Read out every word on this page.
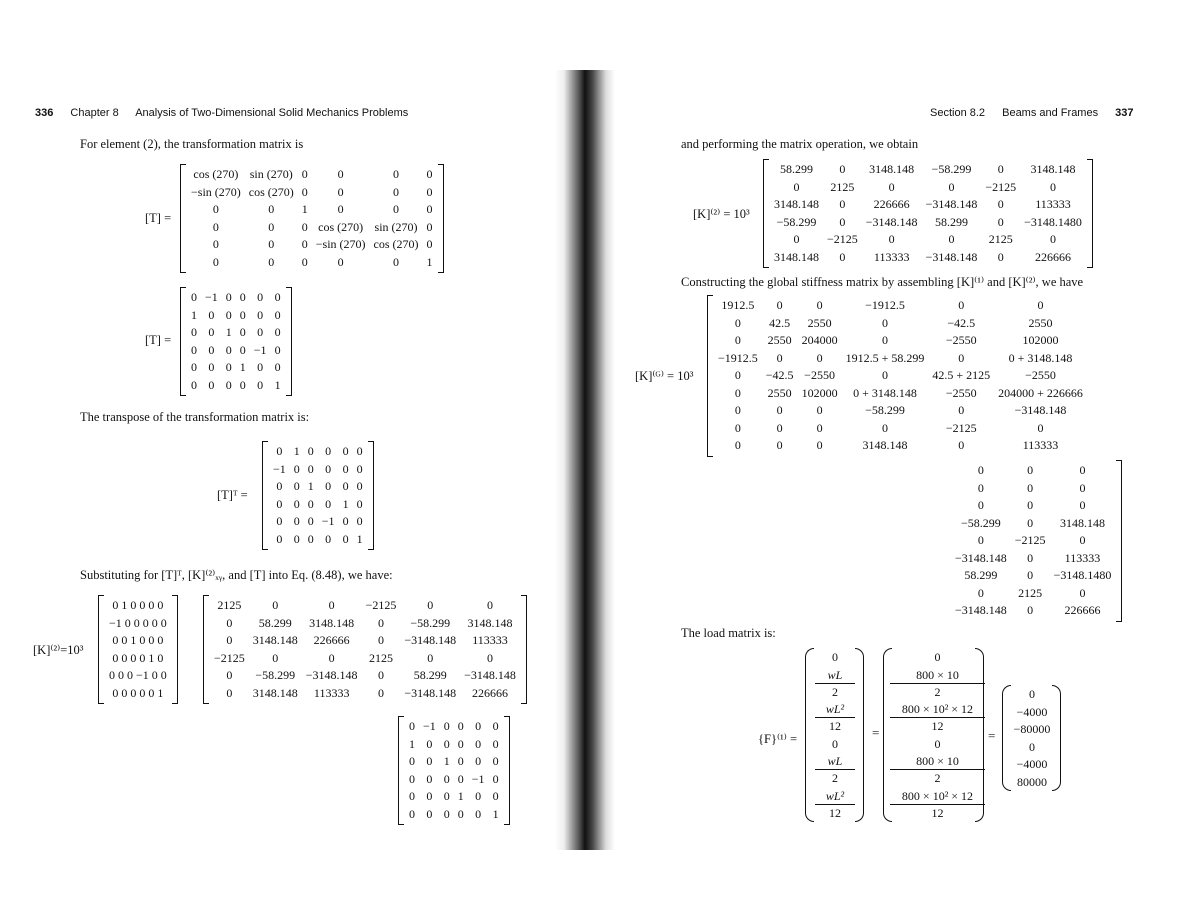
336 Chapter 8 Analysis of Two-Dimensional Solid Mechanics Problems
For element (2), the transformation matrix is
[T] =
cos (270)	sin (270)	0	0	0	0
−sin (270)	cos (270)	0	0	0	0
0	0	1	0	0	0
0	0	0	cos (270)	sin (270)	0
0	0	0	−sin (270)	cos (270)	0
0	0	0	0	0	1
[T] =
0	−1	0	0	0	0
1	0	0	0	0	0
0	0	1	0	0	0
0	0	0	0	−1	0
0	0	0	1	0	0
0	0	0	0	0	1
The transpose of the transformation matrix is:
[T]ᵀ =
0	1	0	0	0	0
−1	0	0	0	0	0
0	0	1	0	0	0
0	0	0	0	1	0
0	0	0	−1	0	0
0	0	0	0	0	1
Substituting for [T]ᵀ, [K]⁽²⁾ₓᵧ, and [T] into Eq. (8.48), we have:
[K]⁽²⁾=10³
0 1 0 0 0 0
−1 0 0 0 0 0
0 0 1 0 0 0
0 0 0 0 1 0
0 0 0 −1 0 0
0 0 0 0 0 1
2125	0	0	−2125	0	0
0	58.299	3148.148	0	−58.299	3148.148
0	3148.148	226666	0	−3148.148	113333
−2125	0	0	2125	0	0
0	−58.299	−3148.148	0	58.299	−3148.148
0	3148.148	113333	0	−3148.148	226666
0	−1	0	0	0	0
1	0	0	0	0	0
0	0	1	0	0	0
0	0	0	0	−1	0
0	0	0	1	0	0
0	0	0	0	0	1
Section 8.2 Beams and Frames 337
and performing the matrix operation, we obtain
[K]⁽²⁾ = 10³
58.299	0	3148.148	−58.299	0	3148.148
0	2125	0	0	−2125	0
3148.148	0	226666	−3148.148	0	113333
−58.299	0	−3148.148	58.299	0	−3148.1480
0	−2125	0	0	2125	0
3148.148	0	113333	−3148.148	0	226666
Constructing the global stiffness matrix by assembling [K]⁽¹⁾ and [K]⁽²⁾, we have
[K]⁽ᴳ⁾ = 10³
1912.5	0	0	−1912.5	0	0
0	42.5	2550	0	−42.5	2550
0	2550	204000	0	−2550	102000
−1912.5	0	0	1912.5 + 58.299	0	0 + 3148.148
0	−42.5	−2550	0	42.5 + 2125	−2550
0	2550	102000	0 + 3148.148	−2550	204000 + 226666
0	0	0	−58.299	0	−3148.148
0	0	0	0	−2125	0
0	0	0	3148.148	0	113333
0	0	0
0	0	0
0	0	0
−58.299	0	3148.148
0	−2125	0
−3148.148	0	113333
58.299	0	−3148.1480
0	2125	0
−3148.148	0	226666
The load matrix is:
{F}⁽¹⁾ =
0
wL
2
wL²
12
0
wL
2
wL²
12
=
0
800 × 10
2
800 × 10² × 12
12
0
800 × 10
2
800 × 10² × 12
12
=
0
−4000
−80000
0
−4000
80000
